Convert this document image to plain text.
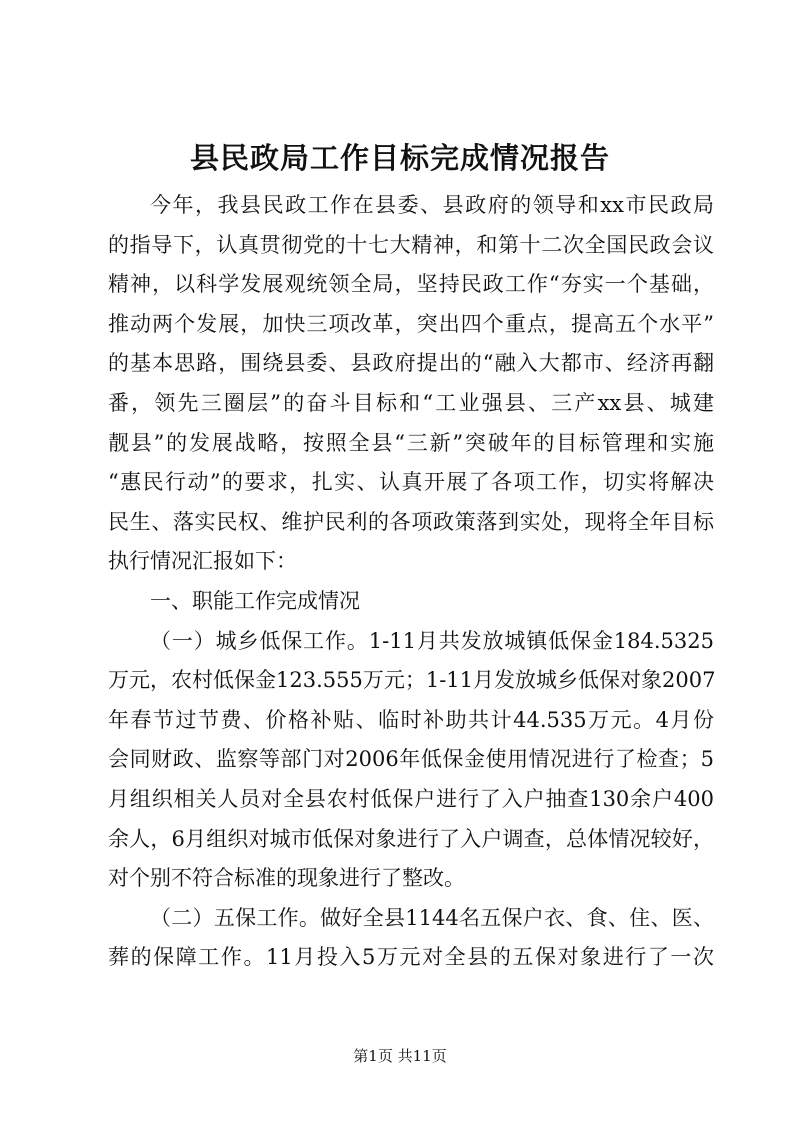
县民政局工作目标完成情况报告
今年，我县民政工作在县委、县政府的领导和xx市民政局
的指导下，认真贯彻党的十七大精神，和第十二次全国民政会议
精神，以科学发展观统领全局，坚持民政工作“夯实一个基础，
推动两个发展，加快三项改革，突出四个重点，提高五个水平”
的基本思路，围绕县委、县政府提出的“融入大都市、经济再翻
番，领先三圈层”的奋斗目标和“工业强县、三产xx县、城建
靓县”的发展战略，按照全县“三新”突破年的目标管理和实施
“惠民行动”的要求，扎实、认真开展了各项工作，切实将解决
民生、落实民权、维护民利的各项政策落到实处，现将全年目标
执行情况汇报如下：
一、职能工作完成情况
（一）城乡低保工作。1-11月共发放城镇低保金184.5325
万元，农村低保金123.555万元；1-11月发放城乡低保对象2007
年春节过节费、价格补贴、临时补助共计44.535万元。4月份
会同财政、监察等部门对2006年低保金使用情况进行了检查；5
月组织相关人员对全县农村低保户进行了入户抽查130余户400
余人，6月组织对城市低保对象进行了入户调查，总体情况较好，
对个别不符合标准的现象进行了整改。
（二）五保工作。做好全县1144名五保户衣、食、住、医、
葬的保障工作。11月投入5万元对全县的五保对象进行了一次
第1页 共11页
